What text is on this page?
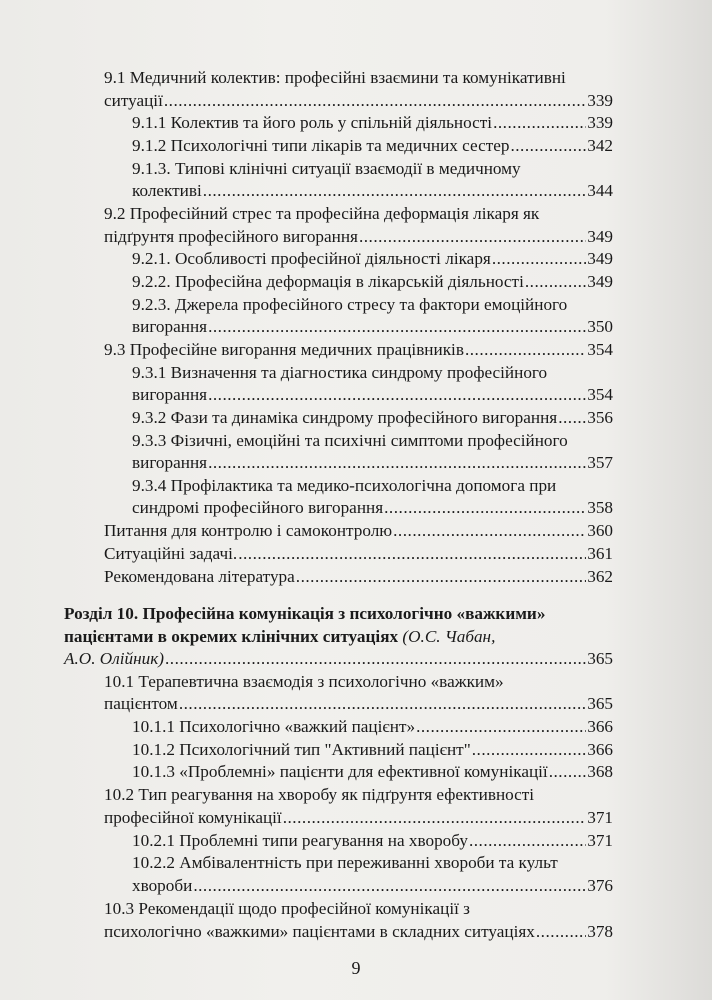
9.1 Медичний колектив: професійні взаємини та комунікативні
ситуації .....	339
9.1.1 Колектив та його роль у спільній діяльності .....	339
9.1.2 Психологічні типи лікарів та медичних сестер .....	342
9.1.3. Типові клінічні ситуації взаємодії в медичному
колективі .....	344
9.2 Професійний стрес та професійна деформація лікаря як
підґрунтя професійного вигорання .....	349
9.2.1. Особливості професійної діяльності лікаря .....	349
9.2.2. Професійна деформація в лікарській діяльності .....	349
9.2.3. Джерела професійного стресу та фактори емоційного
вигорання .....	350
9.3 Професійне вигорання медичних працівників .....	354
9.3.1 Визначення та діагностика синдрому професійного
вигорання .....	354
9.3.2 Фази та динаміка синдрому професійного вигорання ..... 356
9.3.3 Фізичні, емоційні та психічні симптоми професійного
вигорання .....	357
9.3.4 Профілактика та медико-психологічна допомога при
синдромі професійного вигорання .....	358
Питання для контролю і самоконтролю .....	360
Ситуаційні задачі. .....	361
Рекомендована література .....	362
Розділ 10. Професійна комунікація з психологічно «важкими»
пацієнтами в окремих клінічних ситуаціях (О.С. Чабан,
А.О. Олійник) .....	365
10.1 Терапевтична взаємодія з психологічно «важким»
пацієнтом .....	365
10.1.1 Психологічно «важкий пацієнт» .....	366
10.1.2 Психологічний тип "Активний пацієнт" .....	366
10.1.3 «Проблемні» пацієнти для ефективної комунікації ..... 368
10.2 Тип реагування на хворобу як підґрунтя ефективності
професійної комунікації .....	371
10.2.1 Проблемні типи реагування на хворобу .....	371
10.2.2 Амбівалентність при переживанні хвороби та культ
хвороби .....	376
10.3 Рекомендації щодо професійної комунікації з
психологічно «важкими» пацієнтами в складних ситуаціях .....	378
9
